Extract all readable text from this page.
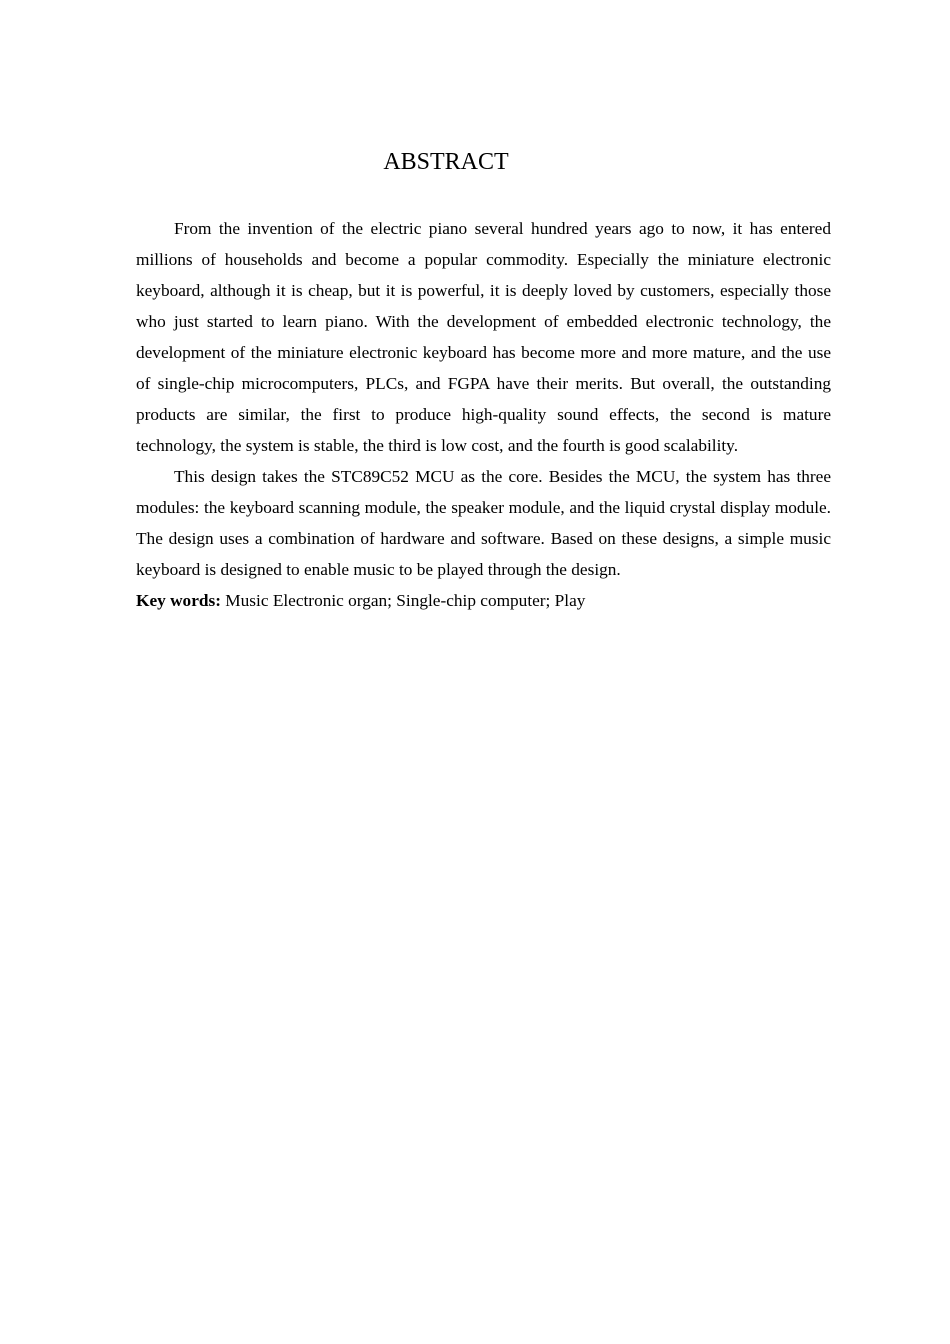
ABSTRACT

From the invention of the electric piano several hundred years ago to now, it has entered millions of households and become a popular commodity. Especially the miniature electronic keyboard, although it is cheap, but it is powerful, it is deeply loved by customers, especially those who just started to learn piano. With the development of embedded electronic technology, the development of the miniature electronic keyboard has become more and more mature, and the use of single-chip microcomputers, PLCs, and FGPA have their merits. But overall, the outstanding products are similar, the first to produce high-quality sound effects, the second is mature technology, the system is stable, the third is low cost, and the fourth is good scalability.

This design takes the STC89C52 MCU as the core. Besides the MCU, the system has three modules: the keyboard scanning module, the speaker module, and the liquid crystal display module. The design uses a combination of hardware and software. Based on these designs, a simple music keyboard is designed to enable music to be played through the design.

Key words: Music Electronic organ; Single-chip computer; Play
